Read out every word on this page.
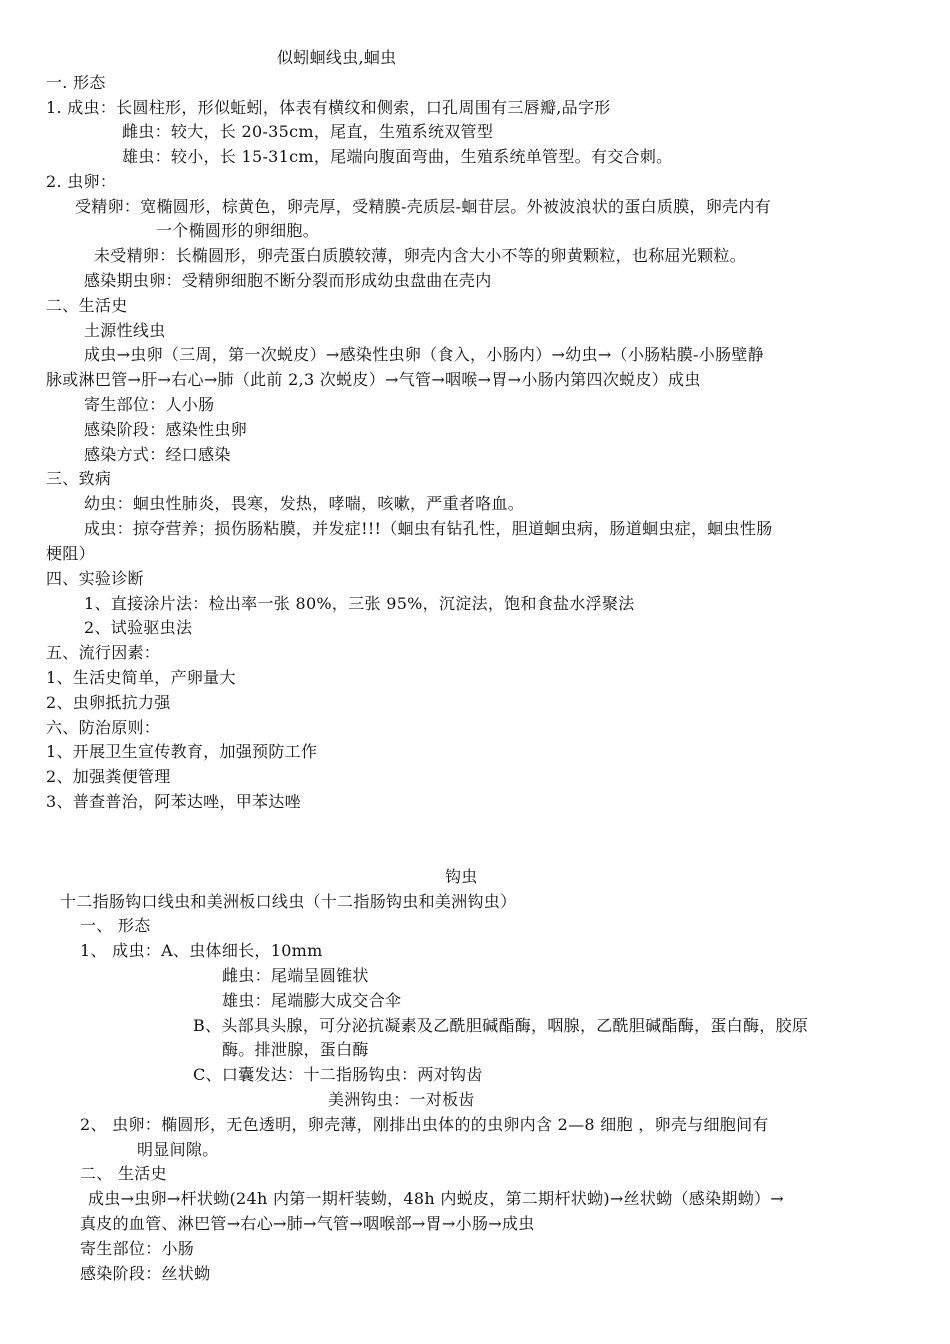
似蚓蛔线虫,蛔虫
一. 形态
1. 成虫：长圆柱形，形似蚯蚓，体表有横纹和侧索，口孔周围有三唇瓣,品字形
雌虫：较大，长 20-35cm，尾直，生殖系统双管型
雄虫：较小，长 15-31cm，尾端向腹面弯曲，生殖系统单管型。有交合刺。
2. 虫卵：
受精卵：宽椭圆形，棕黄色，卵壳厚，受精膜-壳质层-蛔苷层。外被波浪状的蛋白质膜，卵壳内有
一个椭圆形的卵细胞。
未受精卵：长椭圆形，卵壳蛋白质膜较薄，卵壳内含大小不等的卵黄颗粒，也称屈光颗粒。
感染期虫卵：受精卵细胞不断分裂而形成幼虫盘曲在壳内
二、生活史
土源性线虫
成虫→虫卵（三周，第一次蜕皮）→感染性虫卵（食入，小肠内）→幼虫→（小肠粘膜-小肠壁静
脉或淋巴管→肝→右心→肺（此前 2,3 次蜕皮）→气管→咽喉→胃→小肠内第四次蜕皮）成虫
寄生部位：人小肠
感染阶段：感染性虫卵
感染方式：经口感染
三、致病
幼虫：蛔虫性肺炎，畏寒，发热，哮喘，咳嗽，严重者咯血。
成虫：掠夺营养；损伤肠粘膜，并发症!!!（蛔虫有钻孔性，胆道蛔虫病，肠道蛔虫症，蛔虫性肠
梗阻）
四、实验诊断
1、直接涂片法：检出率一张 80%，三张 95%，沉淀法，饱和食盐水浮聚法
2、试验驱虫法
五、流行因素：
1、生活史简单，产卵量大
2、虫卵抵抗力强
六、防治原则：
1、开展卫生宣传教育，加强预防工作
2、加强粪便管理
3、普查普治，阿苯达唑，甲苯达唑
钩虫
十二指肠钩口线虫和美洲板口线虫（十二指肠钩虫和美洲钩虫）
一、 形态
1、 成虫：A、虫体细长，10mm
雌虫：尾端呈圆锥状
雄虫：尾端膨大成交合伞
B、头部具头腺，可分泌抗凝素及乙酰胆碱酯酶，咽腺，乙酰胆碱酯酶，蛋白酶，胶原
酶。排泄腺，蛋白酶
C、口囊发达：十二指肠钩虫：两对钩齿
美洲钩虫：一对板齿
2、 虫卵：椭圆形，无色透明，卵壳薄，刚排出虫体的的虫卵内含 2—8 细胞 ，卵壳与细胞间有
明显间隙。
二、 生活史
成虫→虫卵→杆状蚴(24h 内第一期杆装蚴，48h 内蜕皮，第二期杆状蚴)→丝状蚴（感染期蚴）→
真皮的血管、淋巴管→右心→肺→气管→咽喉部→胃→小肠→成虫
寄生部位：小肠
感染阶段：丝状蚴
